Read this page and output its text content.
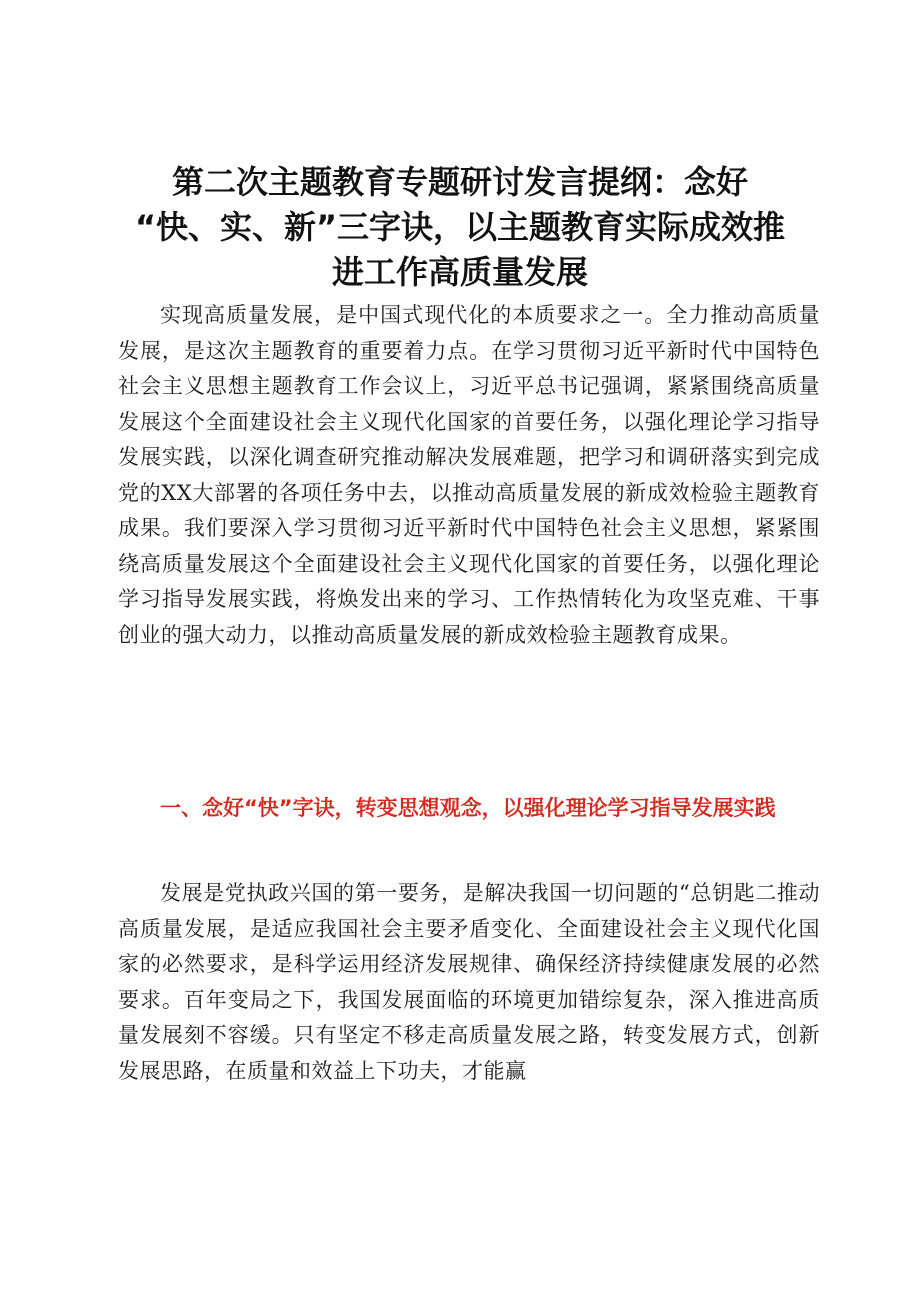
第二次主题教育专题研讨发言提纲：念好
“快、实、新”三字诀，以主题教育实际成效推
进工作高质量发展

实现高质量发展，是中国式现代化的本质要求之一。全力推动高质量发展，是这次主题教育的重要着力点。在学习贯彻习近平新时代中国特色社会主义思想主题教育工作会议上，习近平总书记强调，紧紧围绕高质量发展这个全面建设社会主义现代化国家的首要任务，以强化理论学习指导发展实践，以深化调查研究推动解决发展难题，把学习和调研落实到完成党的XX大部署的各项任务中去，以推动高质量发展的新成效检验主题教育成果。我们要深入学习贯彻习近平新时代中国特色社会主义思想，紧紧围绕高质量发展这个全面建设社会主义现代化国家的首要任务，以强化理论学习指导发展实践，将焕发出来的学习、工作热情转化为攻坚克难、干事创业的强大动力，以推动高质量发展的新成效检验主题教育成果。

一、念好“快”字诀，转变思想观念，以强化理论学习指导发展实践

发展是党执政兴国的第一要务，是解决我国一切问题的“总钥匙二推动高质量发展，是适应我国社会主要矛盾变化、全面建设社会主义现代化国家的必然要求，是科学运用经济发展规律、确保经济持续健康发展的必然要求。百年变局之下，我国发展面临的环境更加错综复杂，深入推进高质量发展刻不容缓。只有坚定不移走高质量发展之路，转变发展方式，创新发展思路，在质量和效益上下功夫，才能赢
